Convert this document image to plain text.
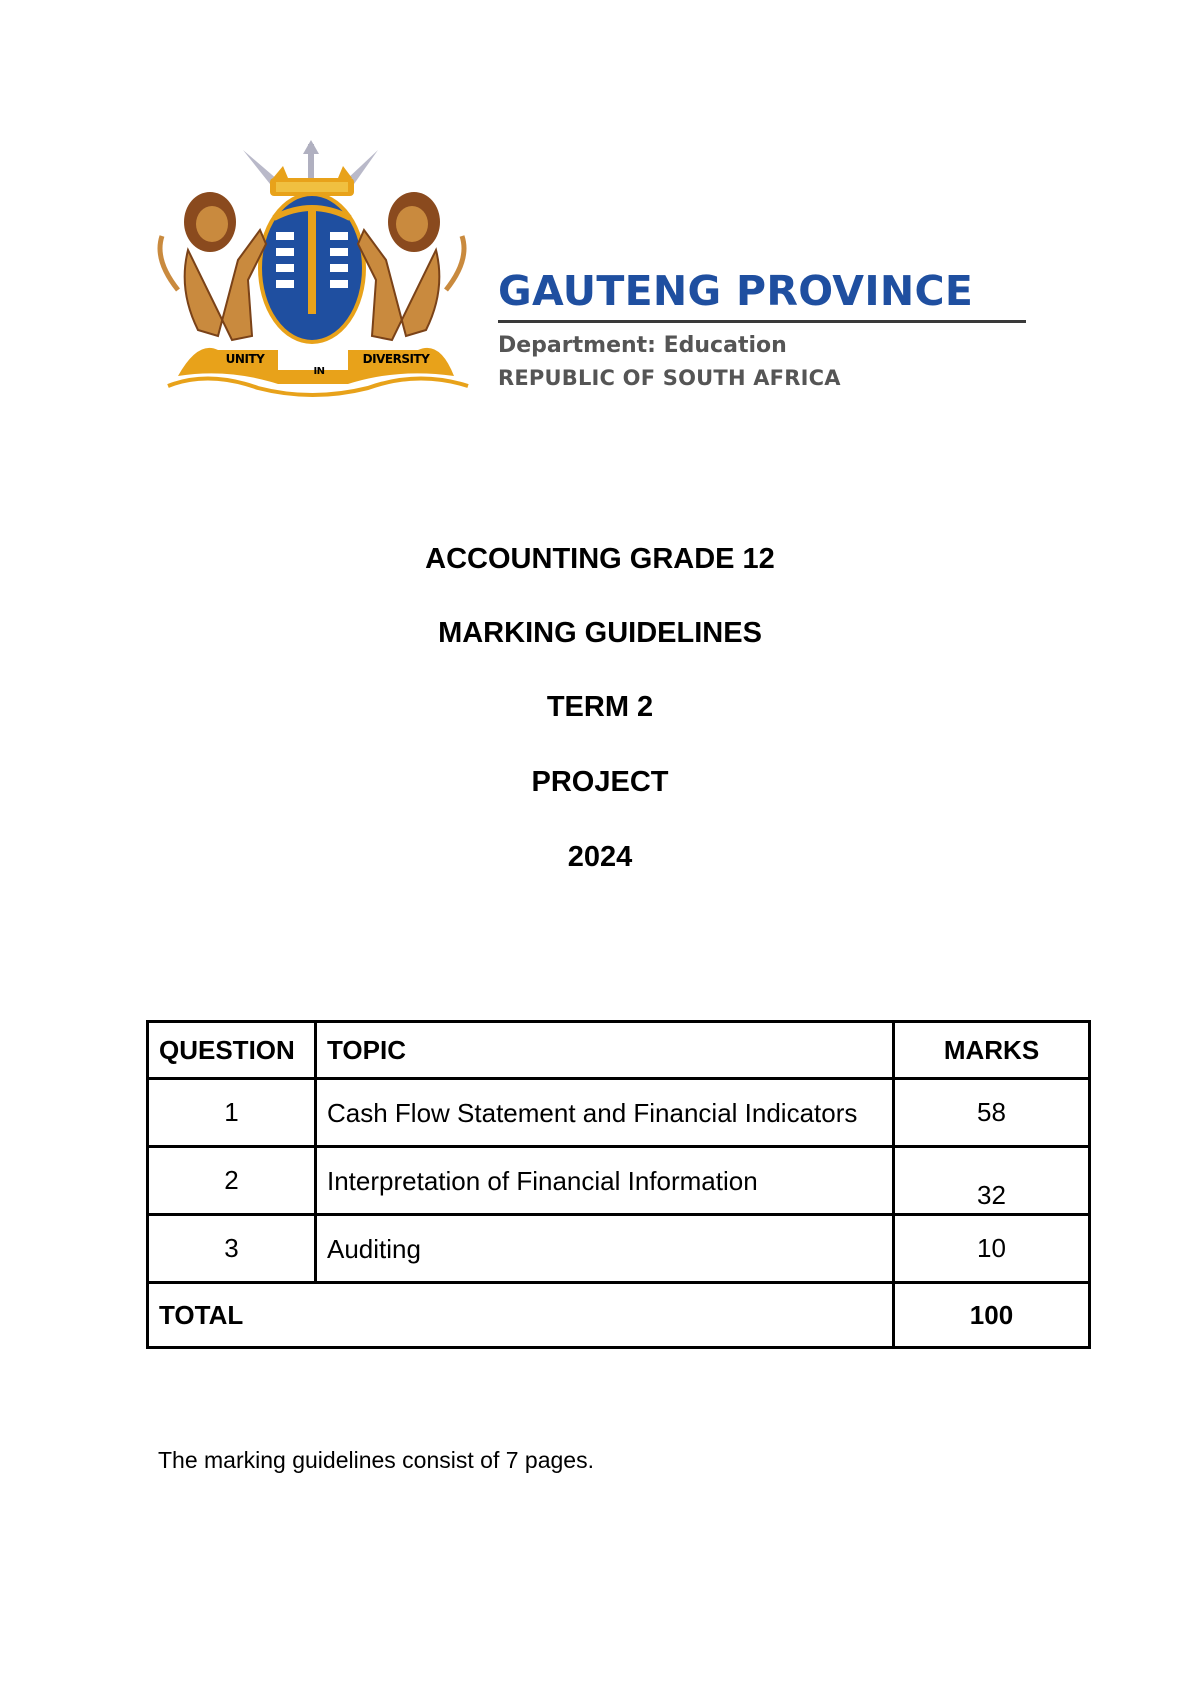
UNITY
IN
DIVERSITY
GAUTENG PROVINCE
Department: Education
REPUBLIC OF SOUTH AFRICA
ACCOUNTING GRADE 12
MARKING GUIDELINES
TERM 2
PROJECT
2024
QUESTION	TOPIC	MARKS
1	Cash Flow Statement and Financial Indicators	58
2	Interpretation of Financial Information	32
3	Auditing	10
TOTAL		100
The marking guidelines consist of 7 pages.
